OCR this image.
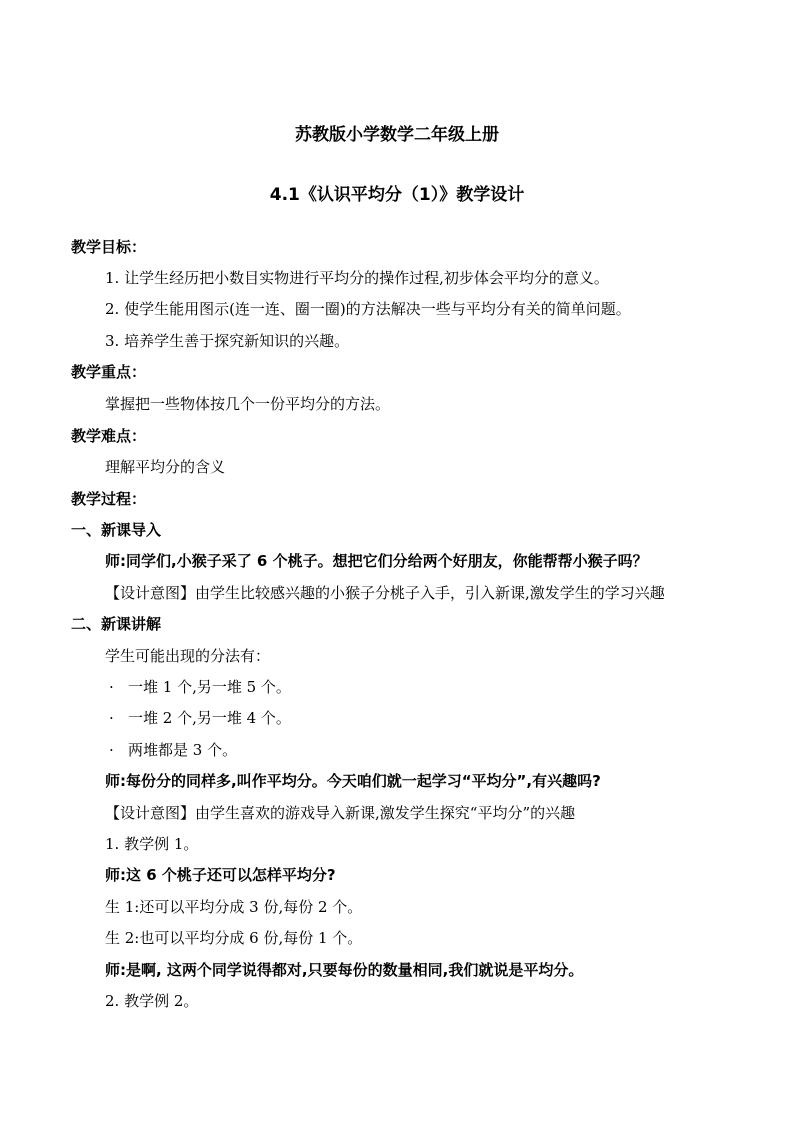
苏教版小学数学二年级上册
4.1《认识平均分（1）》教学设计
教学目标：
1. 让学生经历把小数目实物进行平均分的操作过程,初步体会平均分的意义。
2. 使学生能用图示(连一连、圈一圈)的方法解决一些与平均分有关的简单问题。
3. 培养学生善于探究新知识的兴趣。
教学重点：
掌握把一些物体按几个一份平均分的方法。
教学难点：
理解平均分的含义
教学过程：
一、新课导入
师:同学们,小猴子采了 6 个桃子。想把它们分给两个好朋友，你能帮帮小猴子吗？
【设计意图】由学生比较感兴趣的小猴子分桃子入手，引入新课,激发学生的学习兴趣
二、新课讲解
学生可能出现的分法有：
· 一堆 1 个,另一堆 5 个。
· 一堆 2 个,另一堆 4 个。
· 两堆都是 3 个。
师:每份分的同样多,叫作平均分。今天咱们就一起学习“平均分”,有兴趣吗?
【设计意图】由学生喜欢的游戏导入新课,激发学生探究“平均分”的兴趣
1. 教学例 1。
师:这 6 个桃子还可以怎样平均分?
生 1:还可以平均分成 3 份,每份 2 个。
生 2:也可以平均分成 6 份,每份 1 个。
师:是啊, 这两个同学说得都对,只要每份的数量相同,我们就说是平均分。
2. 教学例 2。
